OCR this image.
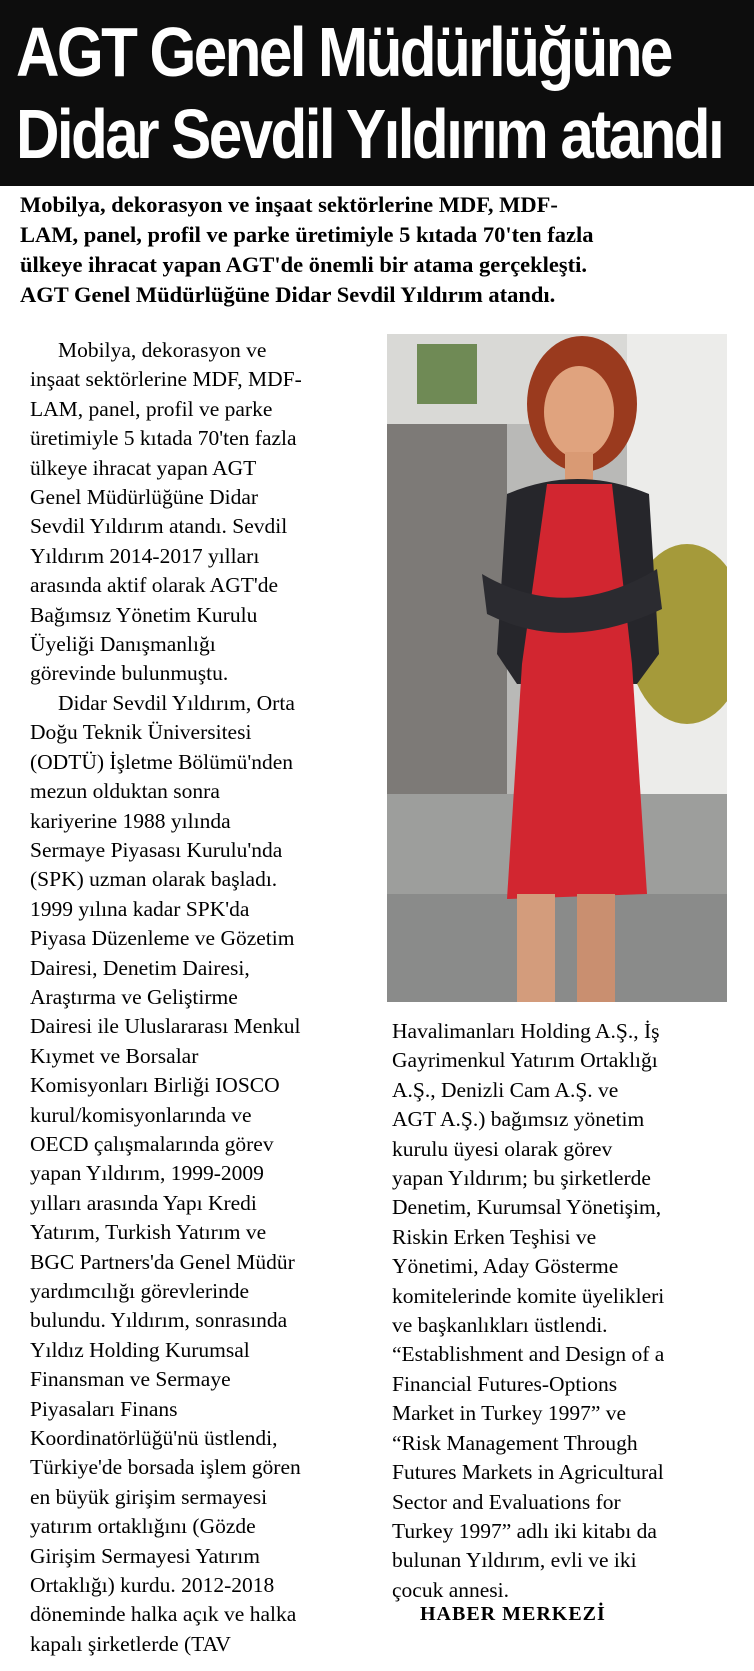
AGT Genel Müdürlüğüne
Didar Sevdil Yıldırım atandı
Mobilya, dekorasyon ve inşaat sektörlerine MDF, MDF-
LAM, panel, profil ve parke üretimiyle 5 kıtada 70'ten fazla
ülkeye ihracat yapan AGT'de önemli bir atama gerçekleşti.
AGT Genel Müdürlüğüne Didar Sevdil Yıldırım atandı.
Mobilya, dekorasyon ve
inşaat sektörlerine MDF, MDF-
LAM, panel, profil ve parke
üretimiyle 5 kıtada 70'ten fazla
ülkeye ihracat yapan AGT
Genel Müdürlüğüne Didar
Sevdil Yıldırım atandı. Sevdil
Yıldırım 2014-2017 yılları
arasında aktif olarak AGT'de
Bağımsız Yönetim Kurulu
Üyeliği Danışmanlığı
görevinde bulunmuştu.
Didar Sevdil Yıldırım, Orta
Doğu Teknik Üniversitesi
(ODTÜ) İşletme Bölümü'nden
mezun olduktan sonra
kariyerine 1988 yılında
Sermaye Piyasası Kurulu'nda
(SPK) uzman olarak başladı.
1999 yılına kadar SPK'da
Piyasa Düzenleme ve Gözetim
Dairesi, Denetim Dairesi,
Araştırma ve Geliştirme
Dairesi ile Uluslararası Menkul
Kıymet ve Borsalar
Komisyonları Birliği IOSCO
kurul/komisyonlarında ve
OECD çalışmalarında görev
yapan Yıldırım, 1999-2009
yılları arasında Yapı Kredi
Yatırım, Turkish Yatırım ve
BGC Partners'da Genel Müdür
yardımcılığı görevlerinde
bulundu. Yıldırım, sonrasında
Yıldız Holding Kurumsal
Finansman ve Sermaye
Piyasaları Finans
Koordinatörlüğü'nü üstlendi,
Türkiye'de borsada işlem gören
en büyük girişim sermayesi
yatırım ortaklığını (Gözde
Girişim Sermayesi Yatırım
Ortaklığı) kurdu. 2012-2018
döneminde halka açık ve halka
kapalı şirketlerde (TAV
Havalimanları Holding A.Ş., İş
Gayrimenkul Yatırım Ortaklığı
A.Ş., Denizli Cam A.Ş. ve
AGT A.Ş.) bağımsız yönetim
kurulu üyesi olarak görev
yapan Yıldırım; bu şirketlerde
Denetim, Kurumsal Yönetişim,
Riskin Erken Teşhisi ve
Yönetimi, Aday Gösterme
komitelerinde komite üyelikleri
ve başkanlıkları üstlendi.
“Establishment and Design of a
Financial Futures-Options
Market in Turkey 1997” ve
“Risk Management Through
Futures Markets in Agricultural
Sector and Evaluations for
Turkey 1997” adlı iki kitabı da
bulunan Yıldırım, evli ve iki
çocuk annesi.
HABER MERKEZİ
